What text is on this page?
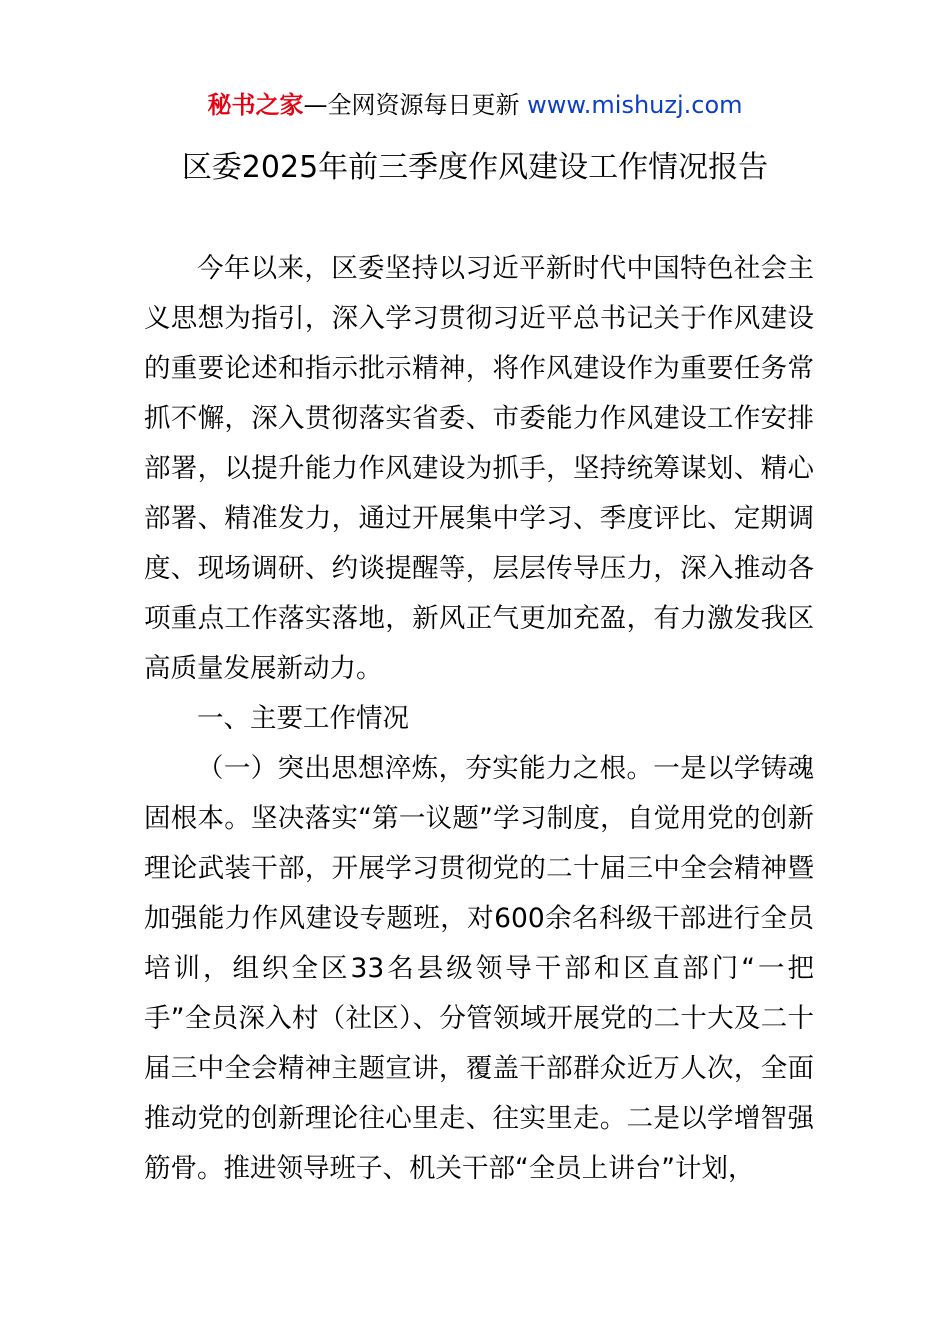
秘书之家—全网资源每日更新 www.mishuzj.com
区委2025年前三季度作风建设工作情况报告

今年以来，区委坚持以习近平新时代中国特色社会主义思想为指引，深入学习贯彻习近平总书记关于作风建设的重要论述和指示批示精神，将作风建设作为重要任务常抓不懈，深入贯彻落实省委、市委能力作风建设工作安排部署，以提升能力作风建设为抓手，坚持统筹谋划、精心部署、精准发力，通过开展集中学习、季度评比、定期调度、现场调研、约谈提醒等，层层传导压力，深入推动各项重点工作落实落地，新风正气更加充盈，有力激发我区高质量发展新动力。

一、主要工作情况

（一）突出思想淬炼，夯实能力之根。一是以学铸魂固根本。坚决落实“第一议题”学习制度，自觉用党的创新理论武装干部，开展学习贯彻党的二十届三中全会精神暨加强能力作风建设专题班，对600余名科级干部进行全员培训，组织全区33名县级领导干部和区直部门“一把手”全员深入村（社区）、分管领域开展党的二十大及二十届三中全会精神主题宣讲，覆盖干部群众近万人次，全面推动党的创新理论往心里走、往实里走。二是以学增智强筋骨。推进领导班子、机关干部“全员上讲台”计划，
